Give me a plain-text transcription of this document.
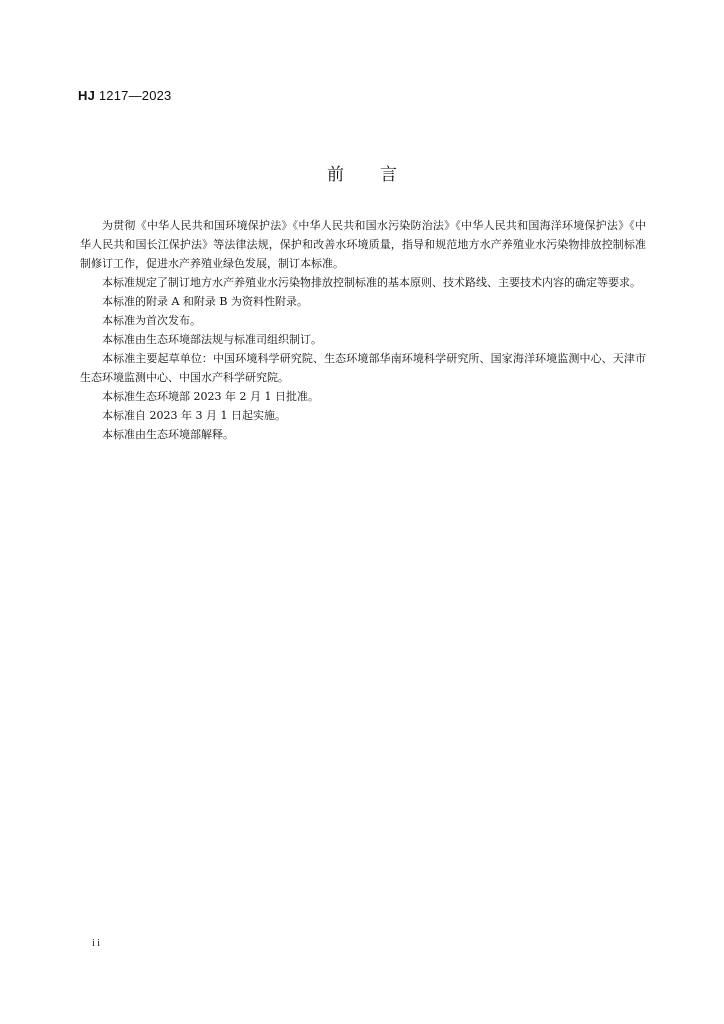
HJ 1217—2023
前言

为贯彻《中华人民共和国环境保护法》《中华人民共和国水污染防治法》《中华人民共和国海洋环境保护法》《中华人民共和国长江保护法》等法律法规，保护和改善水环境质量，指导和规范地方水产养殖业水污染物排放控制标准制修订工作，促进水产养殖业绿色发展，制订本标准。

本标准规定了制订地方水产养殖业水污染物排放控制标准的基本原则、技术路线、主要技术内容的确定等要求。

本标准的附录 A 和附录 B 为资料性附录。

本标准为首次发布。

本标准由生态环境部法规与标准司组织制订。

本标准主要起草单位：中国环境科学研究院、生态环境部华南环境科学研究所、国家海洋环境监测中心、天津市生态环境监测中心、中国水产科学研究院。

本标准生态环境部 2023 年 2 月 1 日批准。

本标准自 2023 年 3 月 1 日起实施。

本标准由生态环境部解释。

i i
